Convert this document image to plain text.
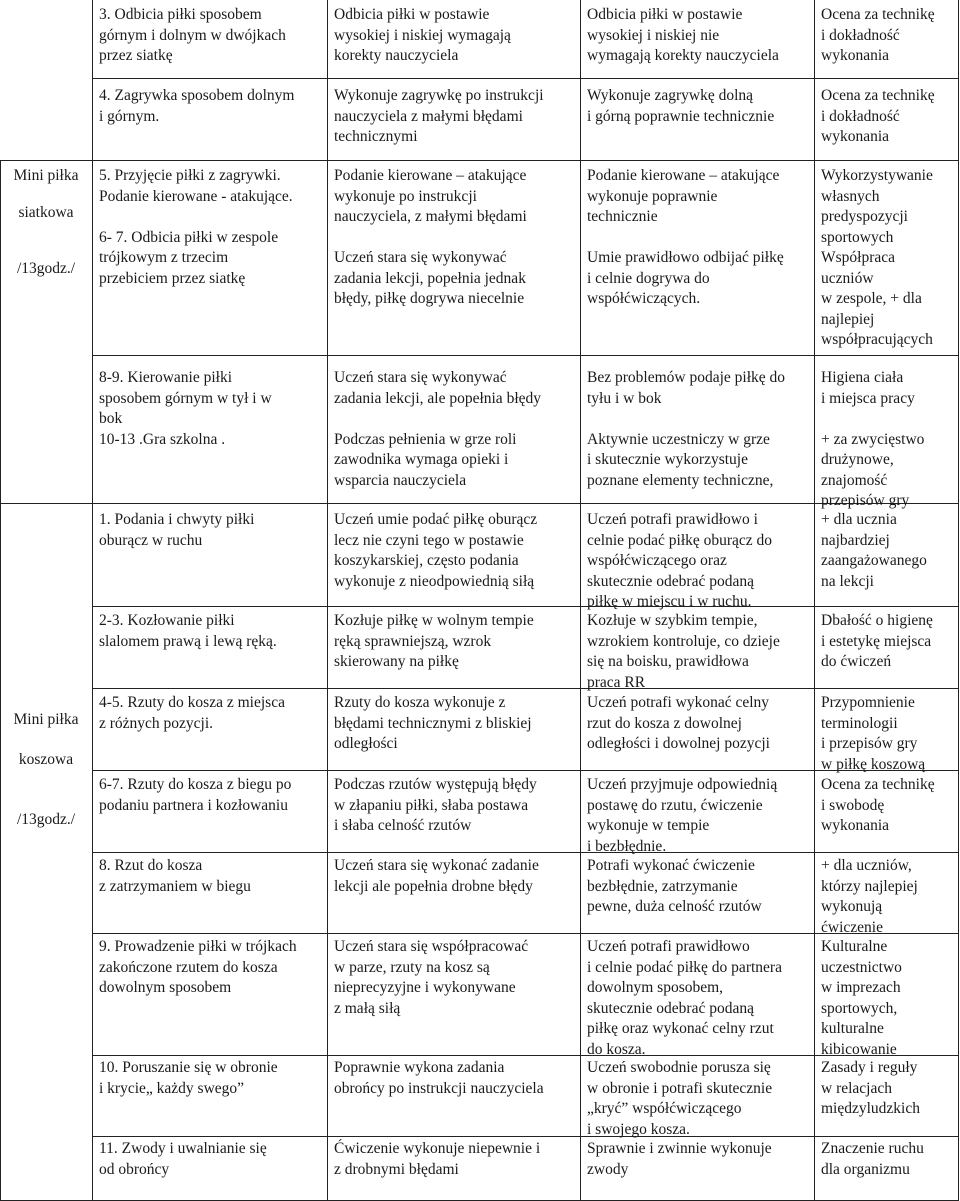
Mini piłka
siatkowa
/13godz./
Mini piłka
koszowa
/13godz./
3. Odbicia piłki sposobem
górnym i dolnym w dwójkach
przez siatkę
Odbicia piłki w postawie
wysokiej i niskiej wymagają
korekty nauczyciela
Odbicia piłki w postawie
wysokiej i niskiej nie
wymagają korekty nauczyciela
Ocena za technikę
i dokładność
wykonania
4. Zagrywka sposobem dolnym
i górnym.
Wykonuje zagrywkę po instrukcji
nauczyciela z małymi błędami
technicznymi
Wykonuje zagrywkę dolną
i górną poprawnie technicznie
Ocena za technikę
i dokładność
wykonania
5. Przyjęcie piłki z zagrywki.
Podanie kierowane - atakujące.

6- 7. Odbicia piłki w zespole
trójkowym z trzecim
przebiciem przez siatkę
Podanie kierowane – atakujące
wykonuje po instrukcji
nauczyciela, z małymi błędami

Uczeń stara się wykonywać
zadania lekcji, popełnia jednak
błędy, piłkę dogrywa niecelnie
Podanie kierowane – atakujące
wykonuje poprawnie
technicznie

Umie prawidłowo odbijać piłkę
i celnie dogrywa do
współćwiczących.
Wykorzystywanie
własnych
predyspozycji
sportowych
Współpraca
uczniów
w zespole, + dla
najlepiej
współpracujących
8-9. Kierowanie piłki
sposobem górnym w tył i w
bok
10-13 .Gra szkolna .
Uczeń stara się wykonywać
zadania lekcji, ale popełnia błędy

Podczas pełnienia w grze roli
zawodnika wymaga opieki i
wsparcia nauczyciela
Bez problemów podaje piłkę do
tyłu i w bok

Aktywnie uczestniczy w grze
i skutecznie wykorzystuje
poznane elementy techniczne,
Higiena ciała
i miejsca pracy

+ za zwycięstwo
drużynowe,
znajomość
przepisów gry
1. Podania i chwyty piłki
oburącz w ruchu
Uczeń umie podać piłkę oburącz
lecz nie czyni tego w postawie
koszykarskiej, często podania
wykonuje z nieodpowiednią siłą
Uczeń potrafi prawidłowo i
celnie podać piłkę oburącz do
współćwiczącego oraz
skutecznie odebrać podaną
piłkę w miejscu i w ruchu.
+ dla ucznia
najbardziej
zaangażowanego
na lekcji
2-3. Kozłowanie piłki
slalomem prawą i lewą ręką.
Kozłuje piłkę w wolnym tempie
ręką sprawniejszą, wzrok
skierowany na piłkę
Kozłuje w szybkim tempie,
wzrokiem kontroluje, co dzieje
się na boisku, prawidłowa
praca RR
Dbałość o higienę
i estetykę miejsca
do ćwiczeń
4-5. Rzuty do kosza z miejsca
z różnych pozycji.
Rzuty do kosza wykonuje z
błędami technicznymi z bliskiej
odległości
Uczeń potrafi wykonać celny
rzut do kosza z dowolnej
odległości i dowolnej pozycji
Przypomnienie
terminologii
i przepisów gry
w piłkę koszową
6-7. Rzuty do kosza z biegu po
podaniu partnera i kozłowaniu
Podczas rzutów występują błędy
w złapaniu piłki, słaba postawa
i słaba celność rzutów
Uczeń przyjmuje odpowiednią
postawę do rzutu, ćwiczenie
wykonuje w tempie
i bezbłędnie.
Ocena za technikę
i swobodę
wykonania
8. Rzut do kosza
z zatrzymaniem w biegu
Uczeń stara się wykonać zadanie
lekcji ale popełnia drobne błędy
Potrafi wykonać ćwiczenie
bezbłędnie, zatrzymanie
pewne, duża celność rzutów
+ dla uczniów,
którzy najlepiej
wykonują
ćwiczenie
9. Prowadzenie piłki w trójkach
zakończone rzutem do kosza
dowolnym sposobem
Uczeń stara się współpracować
w parze, rzuty na kosz są
nieprecyzyjne i wykonywane
z małą siłą
Uczeń potrafi prawidłowo
i celnie podać piłkę do partnera
dowolnym sposobem,
skutecznie odebrać podaną
piłkę oraz wykonać celny rzut
do kosza.
Kulturalne
uczestnictwo
w imprezach
sportowych,
kulturalne
kibicowanie
10. Poruszanie się w obronie
i krycie„ każdy swego”
Poprawnie wykona zadania
obrońcy po instrukcji nauczyciela
Uczeń swobodnie porusza się
w obronie i potrafi skutecznie
„kryć” współćwiczącego
i swojego kosza.
Zasady i reguły
w relacjach
międzyludzkich
11. Zwody i uwalnianie się
od obrońcy
Ćwiczenie wykonuje niepewnie i
z drobnymi błędami
Sprawnie i zwinnie wykonuje
zwody
Znaczenie ruchu
dla organizmu
